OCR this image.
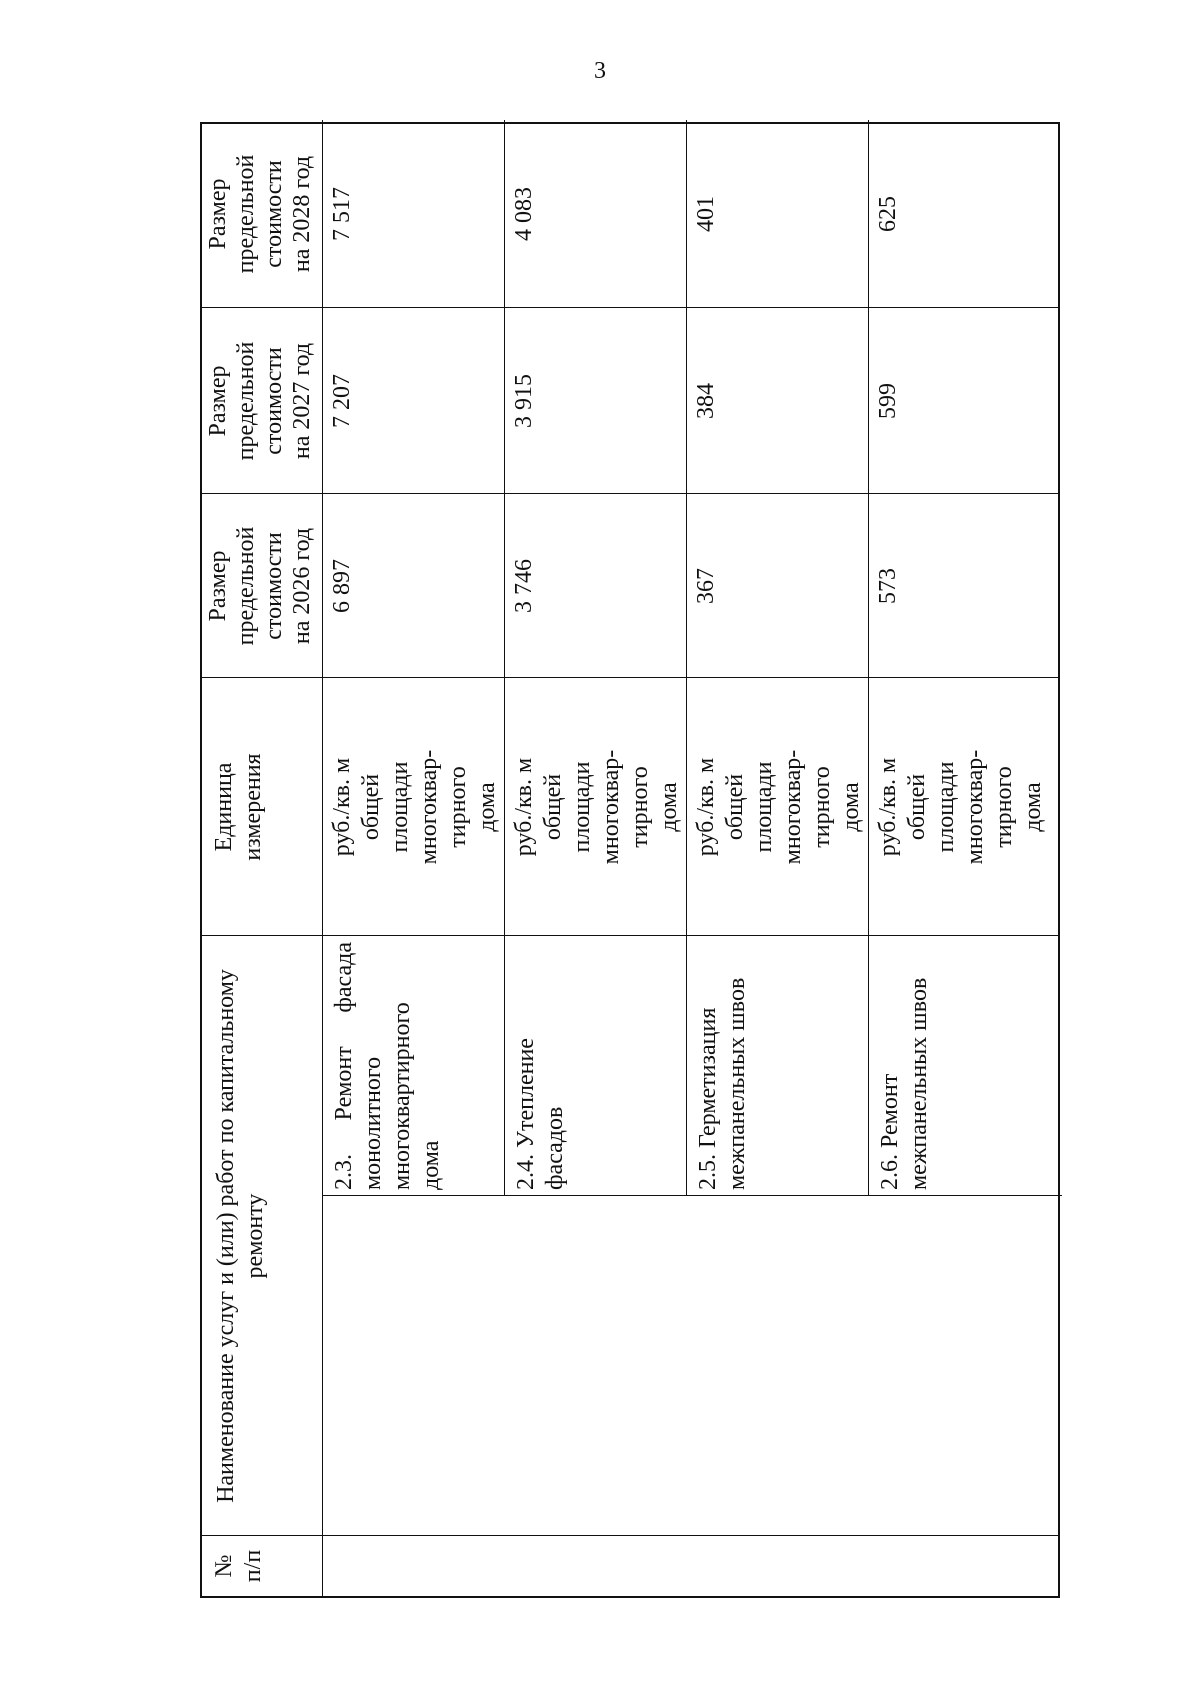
3
№ п/п
Наименование услуг и (или) работ по капитальному ремонту
Единица измерения
Размер предельной стоимости на 2026 год
Размер предельной стоимости на 2027 год
Размер предельной стоимости на 2028 год
2.3. Ремонт фасада монолитного многоквартирного дома
руб./кв. м общей площади многоквар- тирного дома
6 897
7 207
7 517
2.4. Утепление фасадов
руб./кв. м общей площади многоквар- тирного дома
3 746
3 915
4 083
2.5. Герметизация межпанельных швов
руб./кв. м общей площади многоквар- тирного дома
367
384
401
2.6. Ремонт межпанельных швов
руб./кв. м общей площади многоквар- тирного дома
573
599
625
